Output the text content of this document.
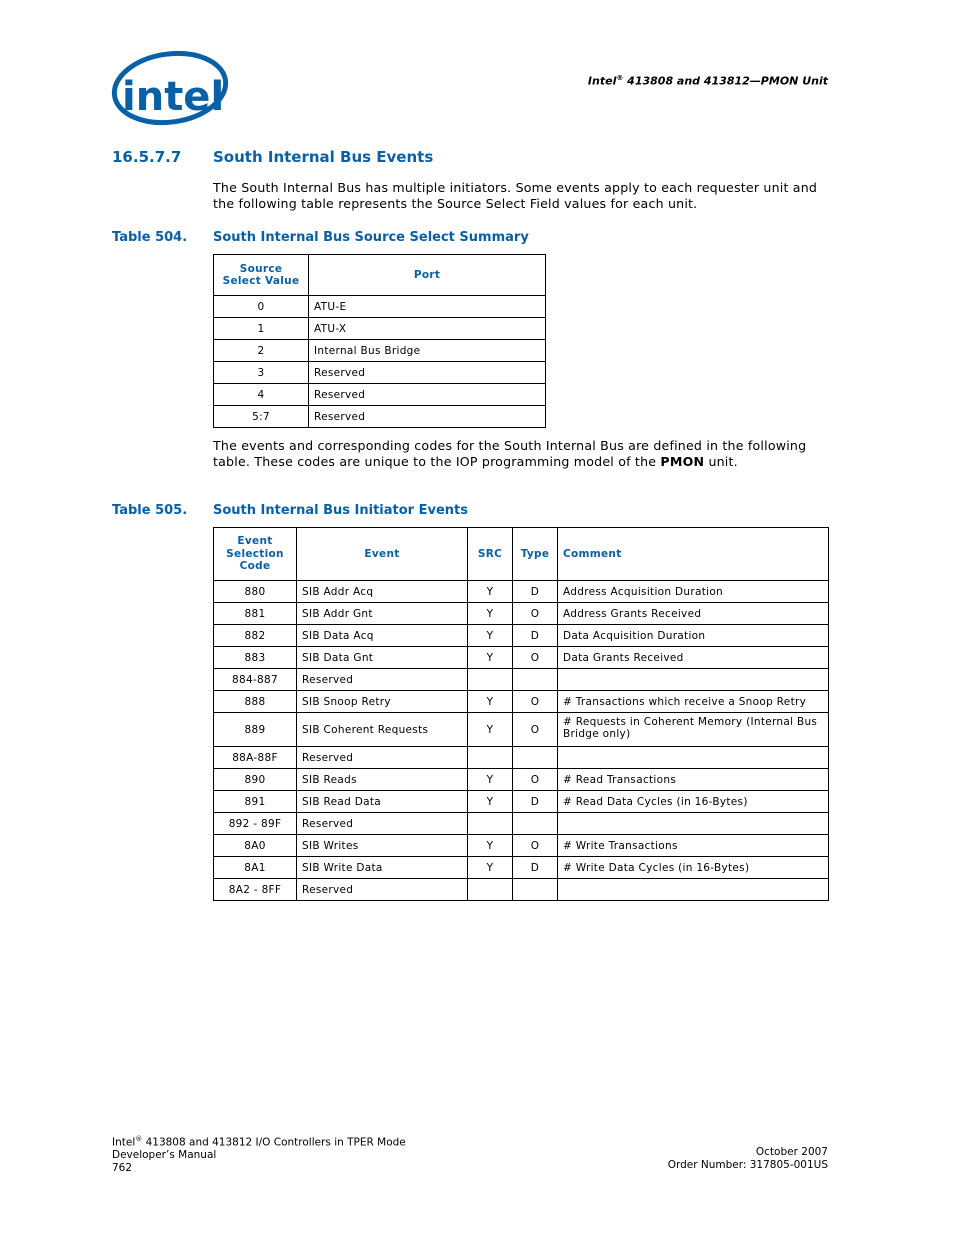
intel	Intel® 413808 and 413812—PMON Unit
16.5.7.7 South Internal Bus Events
The South Internal Bus has multiple initiators. Some events apply to each requester unit and the following table represents the Source Select Field values for each unit.
Table 504. South Internal Bus Source Select Summary
Source Select Value	Port
0	ATU-E
1	ATU-X
2	Internal Bus Bridge
3	Reserved
4	Reserved
5:7	Reserved
The events and corresponding codes for the South Internal Bus are defined in the following table. These codes are unique to the IOP programming model of the PMON unit.
Table 505. South Internal Bus Initiator Events
Event Selection Code	Event	SRC	Type	Comment
880	SIB Addr Acq	Y	D	Address Acquisition Duration
881	SIB Addr Gnt	Y	O	Address Grants Received
882	SIB Data Acq	Y	D	Data Acquisition Duration
883	SIB Data Gnt	Y	O	Data Grants Received
884-887	Reserved			
888	SIB Snoop Retry	Y	O	# Transactions which receive a Snoop Retry
889	SIB Coherent Requests	Y	O	# Requests in Coherent Memory (Internal Bus Bridge only)
88A-88F	Reserved			
890	SIB Reads	Y	O	# Read Transactions
891	SIB Read Data	Y	D	# Read Data Cycles (in 16-Bytes)
892 - 89F	Reserved			
8A0	SIB Writes	Y	O	# Write Transactions
8A1	SIB Write Data	Y	D	# Write Data Cycles (in 16-Bytes)
8A2 - 8FF	Reserved			
Intel® 413808 and 413812 I/O Controllers in TPER Mode
Developer’s Manual
762
October 2007
Order Number: 317805-001US
